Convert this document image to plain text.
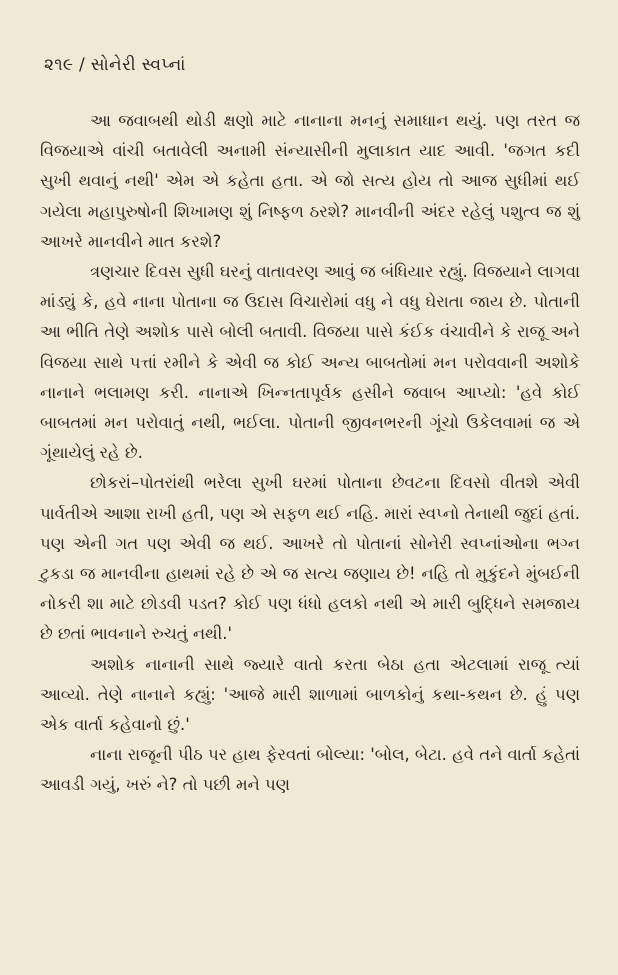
૨૧૯ / સોનેરી સ્વપ્નાં

આ જવાબથી થોડી ક્ષણો માટે નાનાના મનનું સમાધાન થયું. પણ તરત જ વિજયાએ વાંચી બતાવેલી અનામી સંન્યાસીની મુલાકાત યાદ આવી. 'જગત કદી સુખી થવાનું નથી' એમ એ કહેતા હતા. એ જો સત્ય હોય તો આજ સુધીમાં થઈ ગયેલા મહાપુરુષોની શિખામણ શું નિષ્ફળ ઠરશે? માનવીની અંદર રહેલું પશુત્વ જ શું આખરે માનવીને માત કરશે?

ત્રણચાર દિવસ સુધી ઘરનું વાતાવરણ આવું જ બંધિયાર રહ્યું. વિજયાને લાગવા માંડ્યું કે, હવે નાના પોતાના જ ઉદાસ વિચારોમાં વધુ ને વધુ ઘેરાતા જાય છે. પોતાની આ ભીતિ તેણે અશોક પાસે બોલી બતાવી. વિજયા પાસે કંઈક વંચાવીને કે રાજૂ અને વિજયા સાથે પત્તાં રમીને કે એવી જ કોઈ અન્ય બાબતોમાં મન પરોવવાની અશોકે નાનાને ભલામણ કરી. નાનાએ ખિન્નતાપૂર્વક હસીને જવાબ આપ્યો: 'હવે કોઈ બાબતમાં મન પરોવાતું નથી, ભઈલા. પોતાની જીવનભરની ગૂંચો ઉકેલવામાં જ એ ગૂંથાયેલું રહે છે.

છોકરાં–પોતરાંથી ભરેલા સુખી ઘરમાં પોતાના છેવટના દિવસો વીતશે એવી પાર્વતીએ આશા રાખી હતી, પણ એ સફળ થઈ નહિ. મારાં સ્વપ્નો તેનાથી જુદાં હતાં. પણ એની ગત પણ એવી જ થઈ. આખરે તો પોતાનાં સોનેરી સ્વપ્નાંઓના ભગ્ન ટુકડા જ માનવીના હાથમાં રહે છે એ જ સત્ય જણાય છે! નહિ તો મુકુંદને મુંબઈની નોકરી શા માટે છોડવી પડત? કોઈ પણ ધંધો હલકો નથી એ મારી બુદ્ધિને સમજાય છે છતાં ભાવનાને રુચતું નથી.'

અશોક નાનાની સાથે જ્યારે વાતો કરતા બેઠા હતા એટલામાં રાજૂ ત્યાં આવ્યો. તેણે નાનાને કહ્યું: 'આજે મારી શાળામાં બાળકોનું કથા-કથન છે. હું પણ એક વાર્તા કહેવાનો છું.'

નાના રાજૂની પીઠ પર હાથ ફેરવતાં બોલ્યા: 'બોલ, બેટા. હવે તને વાર્તા કહેતાં આવડી ગયું, ખરું ને? તો પછી મને પણ
